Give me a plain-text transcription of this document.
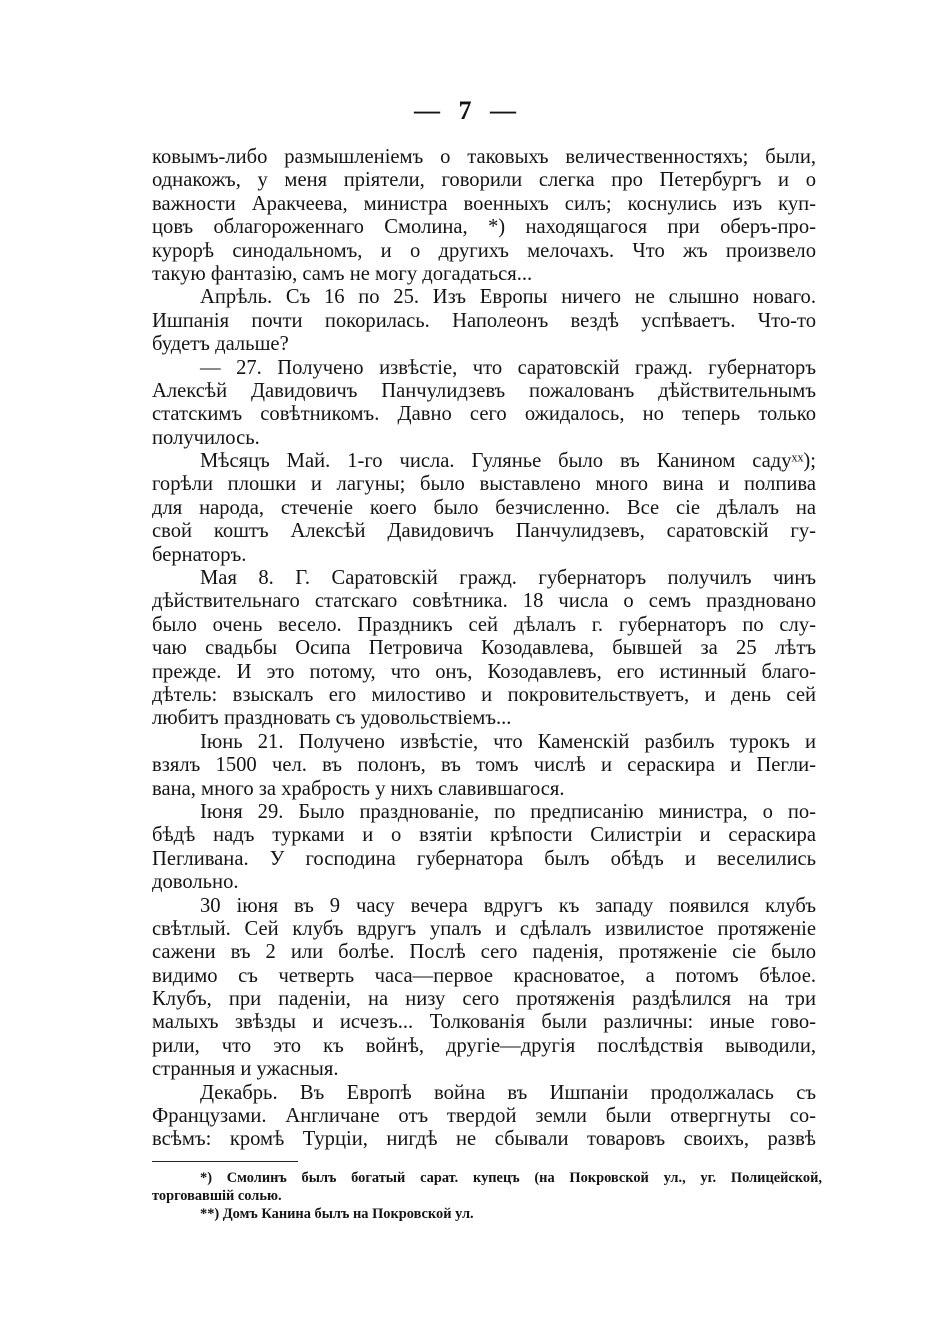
— 7 —
ковымъ-либо размышленіемъ о таковыхъ величественностяхъ; были,
однакожъ, у меня пріятели, говорили слегка про Петербургъ и о
важности Аракчеева, министра военныхъ силъ; коснулись изъ куп-
цовъ облагороженнаго Смолина, *) находящагося при оберъ-про-
курорѣ синодальномъ, и о другихъ мелочахъ. Что жъ произвело
такую фантазію, самъ не могу догадаться...
Апрѣль. Съ 16 по 25. Изъ Европы ничего не слышно новаго.
Ишпанія почти покорилась. Наполеонъ вездѣ успѣваетъ. Что-то
будетъ дальше?
— 27. Получено извѣстіе, что саратовскій гражд. губернаторъ
Алексѣй Давидовичъ Панчулидзевъ пожалованъ дѣйствительнымъ
статскимъ совѣтникомъ. Давно сего ожидалось, но теперь только
получилось.
Мѣсяцъ Май. 1-го числа. Гулянье было въ Канином садуˣˣ);
горѣли плошки и лагуны; было выставлено много вина и полпива
для народа, стеченіе коего было безчисленно. Все сіе дѣлалъ на
свой коштъ Алексѣй Давидовичъ Панчулидзевъ, саратовскій гу-
бернаторъ.
Мая 8. Г. Саратовскій гражд. губернаторъ получилъ чинъ
дѣйствительнаго статскаго совѣтника. 18 числа о семъ праздновано
было очень весело. Праздникъ сей дѣлалъ г. губернаторъ по слу-
чаю свадьбы Осипа Петровича Козодавлева, бывшей за 25 лѣтъ
прежде. И это потому, что онъ, Козодавлевъ, его истинный благо-
дѣтель: взыскалъ его милостиво и покровительствуетъ, и день сей
любитъ праздновать съ удовольствіемъ...
Іюнь 21. Получено извѣстіе, что Каменскій разбилъ турокъ и
взялъ 1500 чел. въ полонъ, въ томъ числѣ и сераскира и Пегли-
вана, много за храбрость у нихъ славившагося.
Іюня 29. Было празднованіе, по предписанію министра, о по-
бѣдѣ надъ турками и о взятіи крѣпости Силистріи и сераскира
Пегливана. У господина губернатора былъ обѣдъ и веселились
довольно.
30 іюня въ 9 часу вечера вдругъ къ западу появился клубъ
свѣтлый. Сей клубъ вдругъ упалъ и сдѣлалъ извилистое протяженіе
сажени въ 2 или болѣе. Послѣ сего паденія, протяженіе сіе было
видимо съ четверть часа—первое красноватое, а потомъ бѣлое.
Клубъ, при паденіи, на низу сего протяженія раздѣлился на три
малыхъ звѣзды и исчезъ... Толкованія были различны: иные гово-
рили, что это къ войнѣ, другіе—другія послѣдствія выводили,
странныя и ужасныя.
Декабрь. Въ Европѣ война въ Ишпаніи продолжалась съ
Французами. Англичане отъ твердой земли были отвергнуты со-
всѣмъ: кромѣ Турціи, нигдѣ не сбывали товаровъ своихъ, развѣ
*) Смолинъ былъ богатый сарат. купецъ (на Покровской ул., уг. Полицейской,
торговавшій солью.
**) Домъ Канина былъ на Покровской ул.
